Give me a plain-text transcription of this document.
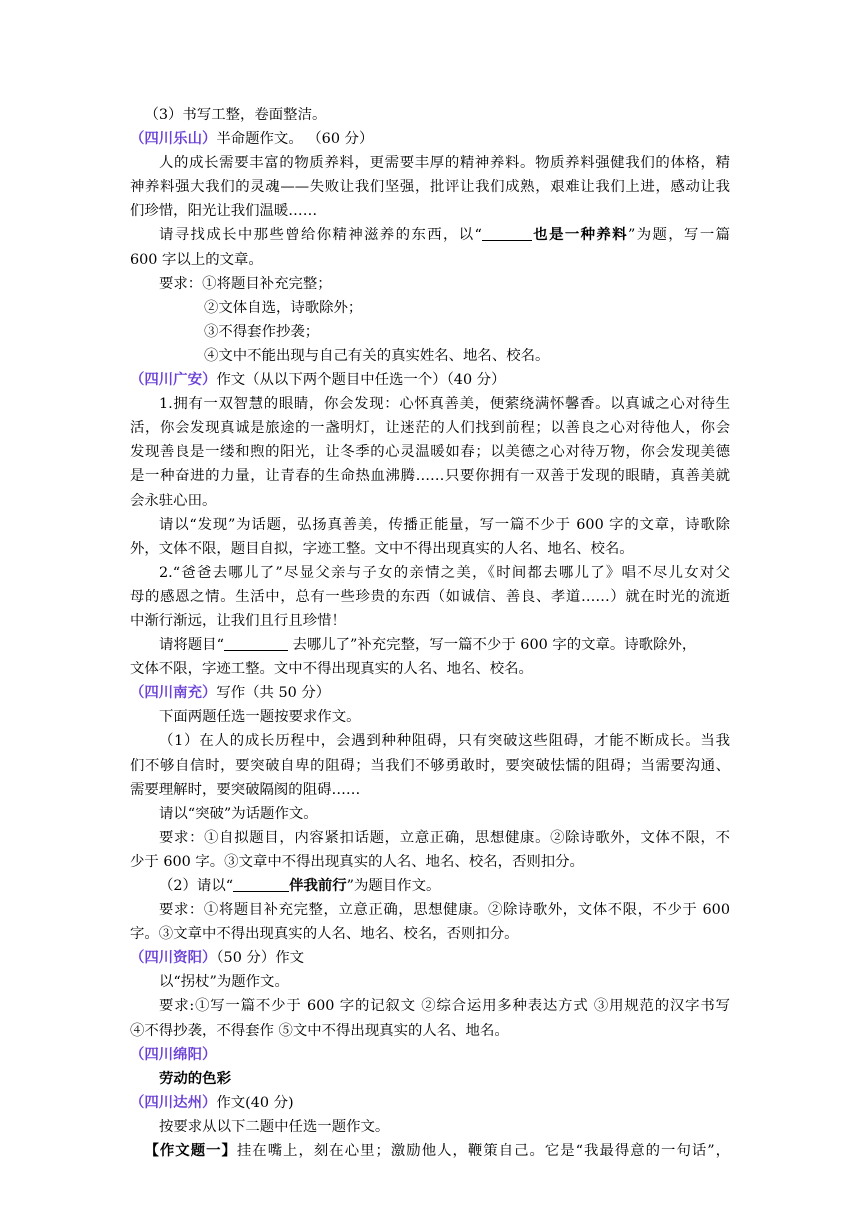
（3）书写工整，卷面整洁。
（四川乐山）半命题作文。 （60 分）
人的成长需要丰富的物质养料，更需要丰厚的精神养料。物质养料强健我们的体格，精
神养料强大我们的灵魂——失败让我们坚强，批评让我们成熟，艰难让我们上进，感动让我
们珍惜，阳光让我们温暖……
请寻找成长中那些曾给你精神滋养的东西，以“	也是一种养料”为题，写一篇
600 字以上的文章。
要求：①将题目补充完整；
②文体自选，诗歌除外；
③不得套作抄袭；
④文中不能出现与自己有关的真实姓名、地名、校名。
（四川广安）作文（从以下两个题目中任选一个）（40 分）
1.拥有一双智慧的眼睛，你会发现：心怀真善美，便萦绕满怀馨香。以真诚之心对待生
活，你会发现真诚是旅途的一盏明灯，让迷茫的人们找到前程；以善良之心对待他人，你会
发现善良是一缕和煦的阳光，让冬季的心灵温暖如春；以美德之心对待万物，你会发现美德
是一种奋进的力量，让青春的生命热血沸腾……只要你拥有一双善于发现的眼睛，真善美就
会永驻心田。
请以“发现”为话题，弘扬真善美，传播正能量，写一篇不少于 600 字的文章，诗歌除
外，文体不限，题目自拟，字迹工整。文中不得出现真实的人名、地名、校名。
2.“爸爸去哪儿了”尽显父亲与子女的亲情之美，《时间都去哪儿了》唱不尽儿女对父
母的感恩之情。生活中，总有一些珍贵的东西（如诚信、善良、孝道……）就在时光的流逝
中渐行渐远，让我们且行且珍惜！
请将题目“	去哪儿了”补充完整，写一篇不少于 600 字的文章。诗歌除外，
文体不限，字迹工整。文中不得出现真实的人名、地名、校名。
（四川南充）写作（共 50 分）
下面两题任选一题按要求作文。
（1）在人的成长历程中，会遇到种种阻碍，只有突破这些阻碍，才能不断成长。当我
们不够自信时，要突破自卑的阻碍；当我们不够勇敢时，要突破怯懦的阻碍；当需要沟通、
需要理解时，要突破隔阂的阻碍……
请以“突破”为话题作文。
要求：①自拟题目，内容紧扣话题，立意正确，思想健康。②除诗歌外，文体不限，不
少于 600 字。③文章中不得出现真实的人名、地名、校名，否则扣分。
（2）请以“	伴我前行”为题目作文。
要求：①将题目补充完整，立意正确，思想健康。②除诗歌外，文体不限，不少于 600
字。③文章中不得出现真实的人名、地名、校名，否则扣分。
（四川资阳）（50 分）作文
以“拐杖”为题作文。
要求:①写一篇不少于 600 字的记叙文 ②综合运用多种表达方式 ③用规范的汉字书写
④不得抄袭，不得套作 ⑤文中不得出现真实的人名、地名。
（四川绵阳）
劳动的色彩
（四川达州）作文(40 分)
按要求从以下二题中任选一题作文。
【作文题一】挂在嘴上，刻在心里；激励他人，鞭策自己。它是“我最得意的一句话”，
